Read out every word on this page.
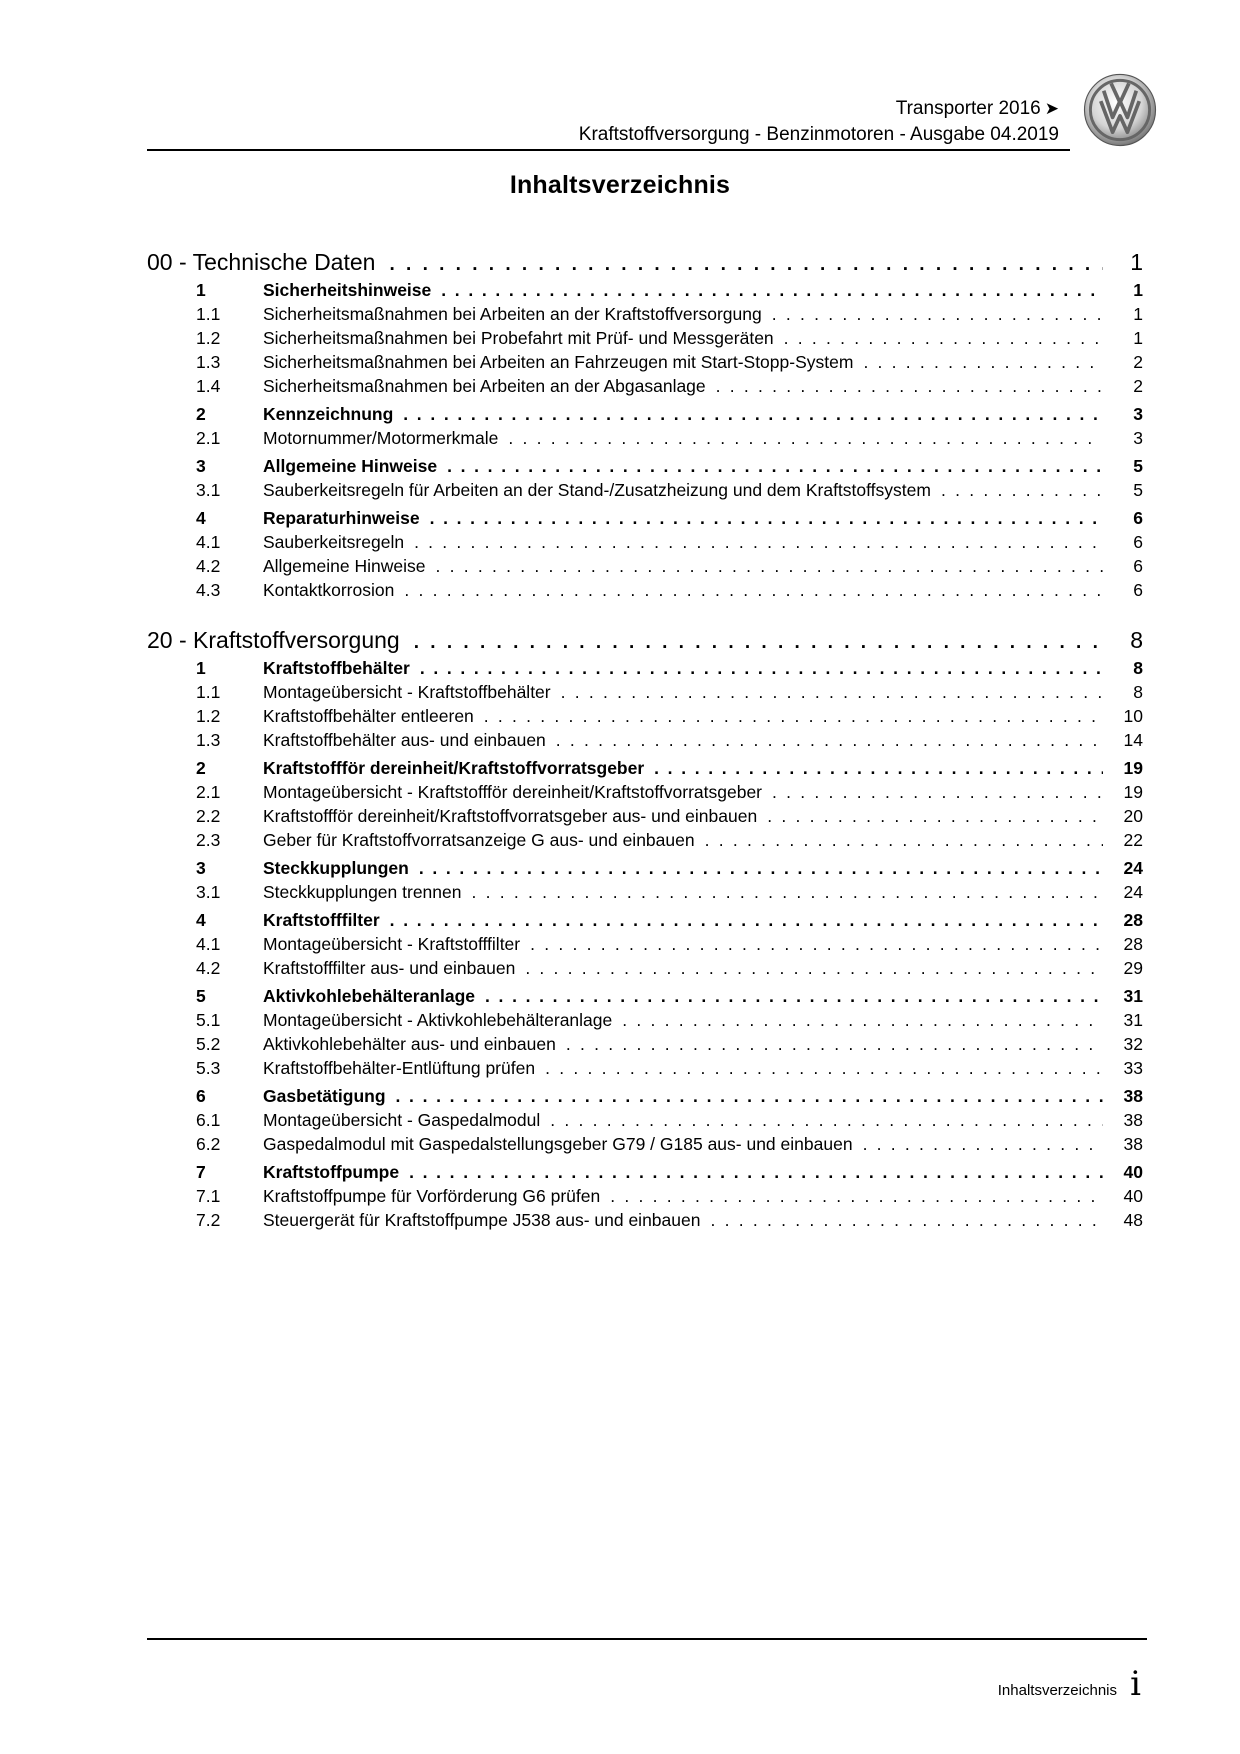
Transporter 2016 ➤
Kraftstoffversorgung - Benzinmotoren - Ausgabe 04.2019
Inhaltsverzeichnis
00 - Technische Daten . . .	1
1	Sicherheitshinweise . . .	1
1.1	Sicherheitsmaßnahmen bei Arbeiten an der Kraftstoffversorgung . . .	1
1.2	Sicherheitsmaßnahmen bei Probefahrt mit Prüf- und Messgeräten . . .	1
1.3	Sicherheitsmaßnahmen bei Arbeiten an Fahrzeugen mit Start-Stopp-System . . .	2
1.4	Sicherheitsmaßnahmen bei Arbeiten an der Abgasanlage . . .	2
2	Kennzeichnung . . .	3
2.1	Motornummer/Motormerkmale . . .	3
3	Allgemeine Hinweise . . .	5
3.1	Sauberkeitsregeln für Arbeiten an der Stand-/Zusatzheizung und dem Kraftstoffsystem . . .	5
4	Reparaturhinweise . . .	6
4.1	Sauberkeitsregeln . . .	6
4.2	Allgemeine Hinweise . . .	6
4.3	Kontaktkorrosion . . .	6
20 - Kraftstoffversorgung . . .	8
1	Kraftstoffbehälter . . .	8
1.1	Montageübersicht - Kraftstoffbehälter . . .	8
1.2	Kraftstoffbehälter entleeren . . .	10
1.3	Kraftstoffbehälter aus- und einbauen . . .	14
2	Kraftstoffför dereinheit/Kraftstoffvorratsgeber . . .	19
2.1	Montageübersicht - Kraftstoffför dereinheit/Kraftstoffvorratsgeber . . .	19
2.2	Kraftstoffför dereinheit/Kraftstoffvorratsgeber aus- und einbauen . . .	20
2.3	Geber für Kraftstoffvorratsanzeige G aus- und einbauen . . .	22
3	Steckkupplungen . . .	24
3.1	Steckkupplungen trennen . . .	24
4	Kraftstofffilter . . .	28
4.1	Montageübersicht - Kraftstofffilter . . .	28
4.2	Kraftstofffilter aus- und einbauen . . .	29
5	Aktivkohlebehälteranlage . . .	31
5.1	Montageübersicht - Aktivkohlebehälteranlage . . .	31
5.2	Aktivkohlebehälter aus- und einbauen . . .	32
5.3	Kraftstoffbehälter-Entlüftung prüfen . . .	33
6	Gasbetätigung . . .	38
6.1	Montageübersicht - Gaspedalmodul . . .	38
6.2	Gaspedalmodul mit Gaspedalstellungsgeber G79 / G185 aus- und einbauen . . .	38
7	Kraftstoffpumpe . . .	40
7.1	Kraftstoffpumpe für Vorförderung G6 prüfen . . .	40
7.2	Steuergerät für Kraftstoffpumpe J538 aus- und einbauen . . .	48
Inhaltsverzeichnis i
